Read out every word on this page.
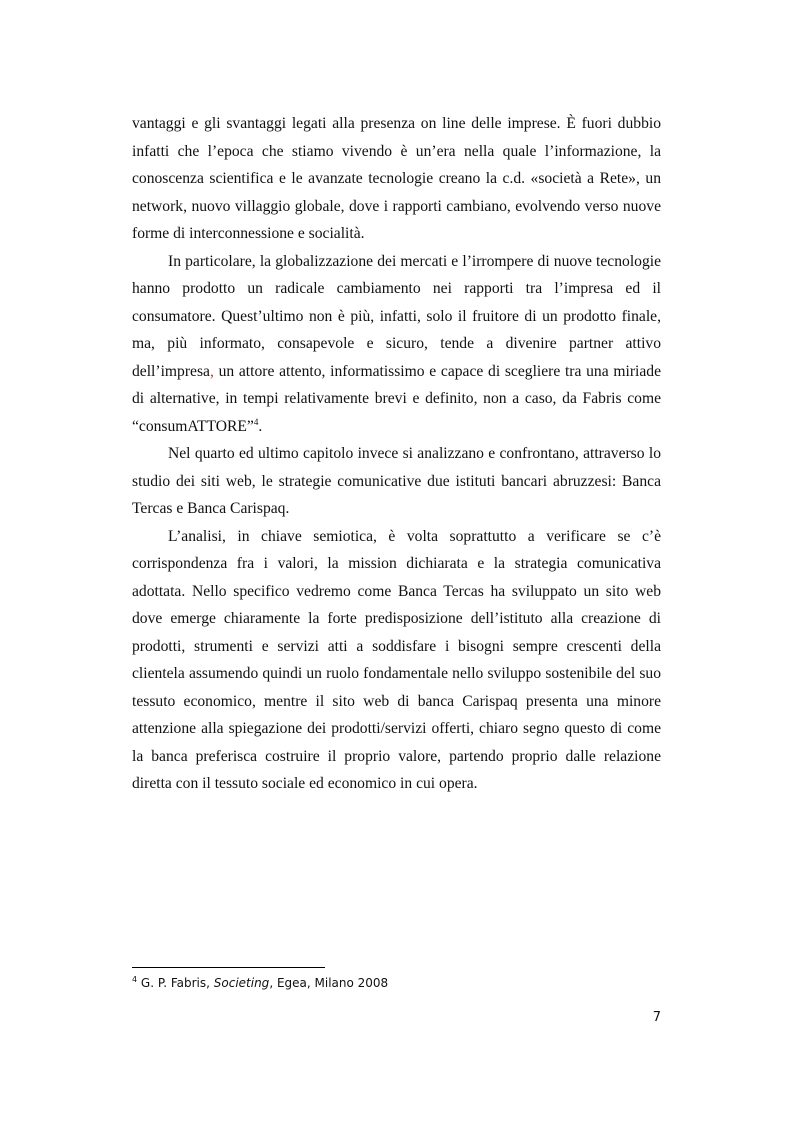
vantaggi e gli svantaggi legati alla presenza on line delle imprese. È fuori dubbio infatti che l’epoca che stiamo vivendo è un’era nella quale l’informazione, la conoscenza scientifica e le avanzate tecnologie creano la c.d. «società a Rete», un network, nuovo villaggio globale, dove i rapporti cambiano, evolvendo verso nuove forme di interconnessione e socialità.

In particolare, la globalizzazione dei mercati e l’irrompere di nuove tecnologie hanno prodotto un radicale cambiamento nei rapporti tra l’impresa ed il consumatore. Quest’ultimo non è più, infatti, solo il fruitore di un prodotto finale, ma, più informato, consapevole e sicuro, tende a divenire partner attivo dell’impresa, un attore attento, informatissimo e capace di scegliere tra una miriade di alternative, in tempi relativamente brevi e definito, non a caso, da Fabris come “consumATTORE”$^4$.

Nel quarto ed ultimo capitolo invece si analizzano e confrontano, attraverso lo studio dei siti web, le strategie comunicative due istituti bancari abruzzesi: Banca Tercas e Banca Carispaq.

L’analisi, in chiave semiotica, è volta soprattutto a verificare se c’è corrispondenza fra i valori, la mission dichiarata e la strategia comunicativa adottata. Nello specifico vedremo come Banca Tercas ha sviluppato un sito web dove emerge chiaramente la forte predisposizione dell’istituto alla creazione di prodotti, strumenti e servizi atti a soddisfare i bisogni sempre crescenti della clientela assumendo quindi un ruolo fondamentale nello sviluppo sostenibile del suo tessuto economico, mentre il sito web di banca Carispaq presenta una minore attenzione alla spiegazione dei prodotti/servizi offerti, chiaro segno questo di come la banca preferisca costruire il proprio valore, partendo proprio dalle relazione diretta con il tessuto sociale ed economico in cui opera.

$^4$ G. P. Fabris, Societing, Egea, Milano 2008
7
